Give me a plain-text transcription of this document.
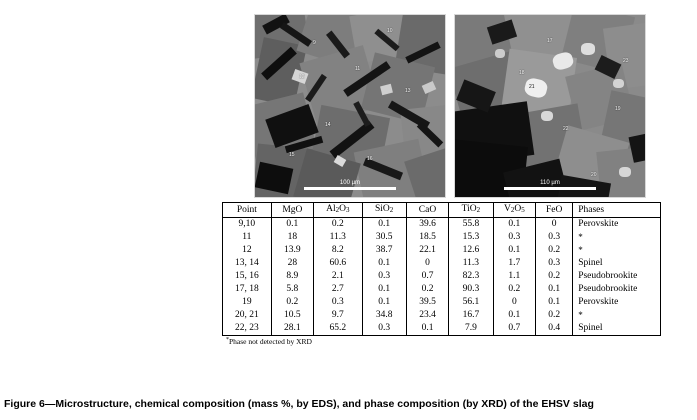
9
10
11
12
13
14
15
16
100 µm
17
18
19
20
21
22
23
110 µm
Point	MgO	Al2O3	SiO2	CaO	TiO2	V2O5	FeO	Phases
9,10	0.1	0.2	0.1	39.6	55.8	0.1	0	Perovskite
11	18	11.3	30.5	18.5	15.3	0.3	0.3	*
12	13.9	8.2	38.7	22.1	12.6	0.1	0.2	*
13, 14	28	60.6	0.1	0	11.3	1.7	0.3	Spinel
15, 16	8.9	2.1	0.3	0.7	82.3	1.1	0.2	Pseudobrookite
17, 18	5.8	2.7	0.1	0.2	90.3	0.2	0.1	Pseudobrookite
19	0.2	0.3	0.1	39.5	56.1	0	0.1	Perovskite
20, 21	10.5	9.7	34.8	23.4	16.7	0.1	0.2	*
22, 23	28.1	65.2	0.3	0.1	7.9	0.7	0.4	Spinel
*Phase not detected by XRD
Figure 6—Microstructure, chemical composition (mass %, by EDS), and phase composition (by XRD) of the EHSV slag
